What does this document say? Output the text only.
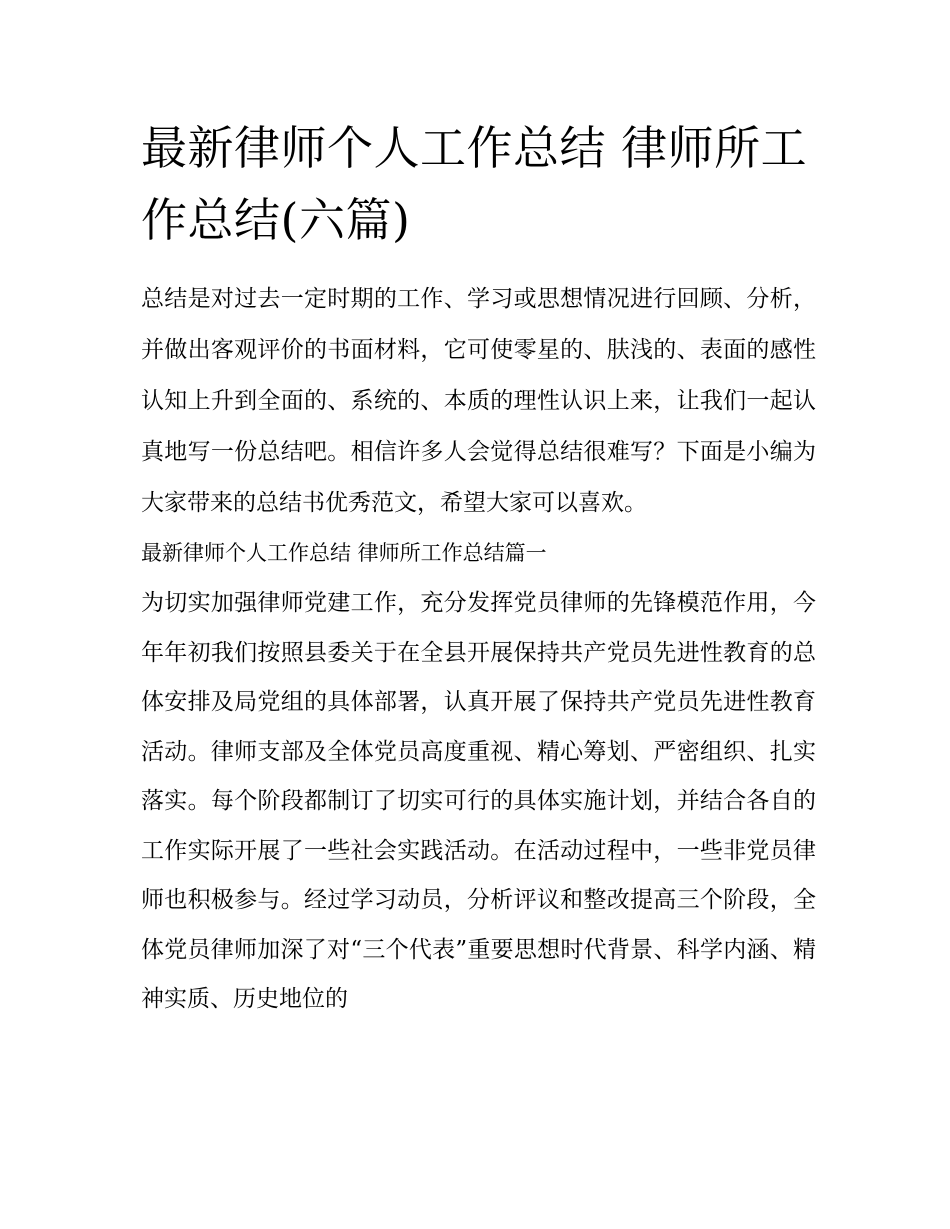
最新律师个人工作总结 律师所工作总结(六篇)

总结是对过去一定时期的工作、学习或思想情况进行回顾、分析，并做出客观评价的书面材料，它可使零星的、肤浅的、表面的感性认知上升到全面的、系统的、本质的理性认识上来，让我们一起认真地写一份总结吧。相信许多人会觉得总结很难写？下面是小编为大家带来的总结书优秀范文，希望大家可以喜欢。

最新律师个人工作总结 律师所工作总结篇一

为切实加强律师党建工作，充分发挥党员律师的先锋模范作用，今年年初我们按照县委关于在全县开展保持共产党员先进性教育的总体安排及局党组的具体部署，认真开展了保持共产党员先进性教育活动。律师支部及全体党员高度重视、精心筹划、严密组织、扎实落实。每个阶段都制订了切实可行的具体实施计划，并结合各自的工作实际开展了一些社会实践活动。在活动过程中，一些非党员律师也积极参与。经过学习动员，分析评议和整改提高三个阶段，全体党员律师加深了对“三个代表”重要思想时代背景、科学内涵、精神实质、历史地位的
